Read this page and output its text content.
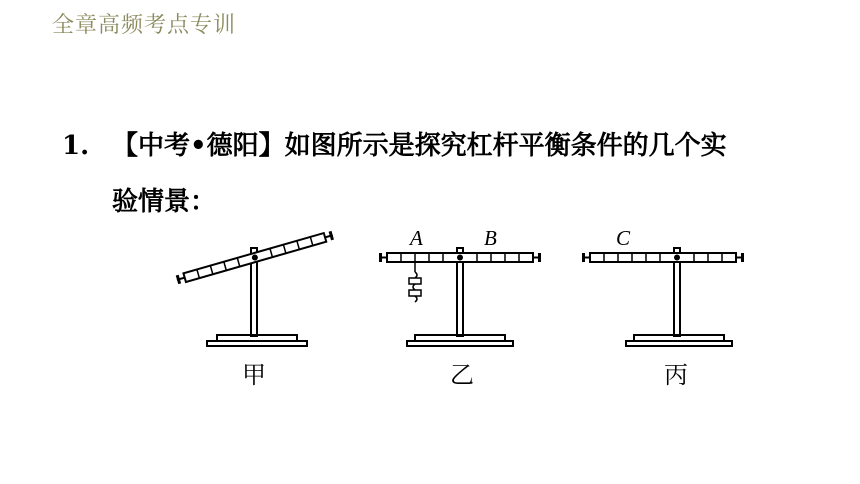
全章高频考点专训
1. 【中考•德阳】如图所示是探究杠杆平衡条件的几个实
验情景：
甲
A	B
乙
C
丙
